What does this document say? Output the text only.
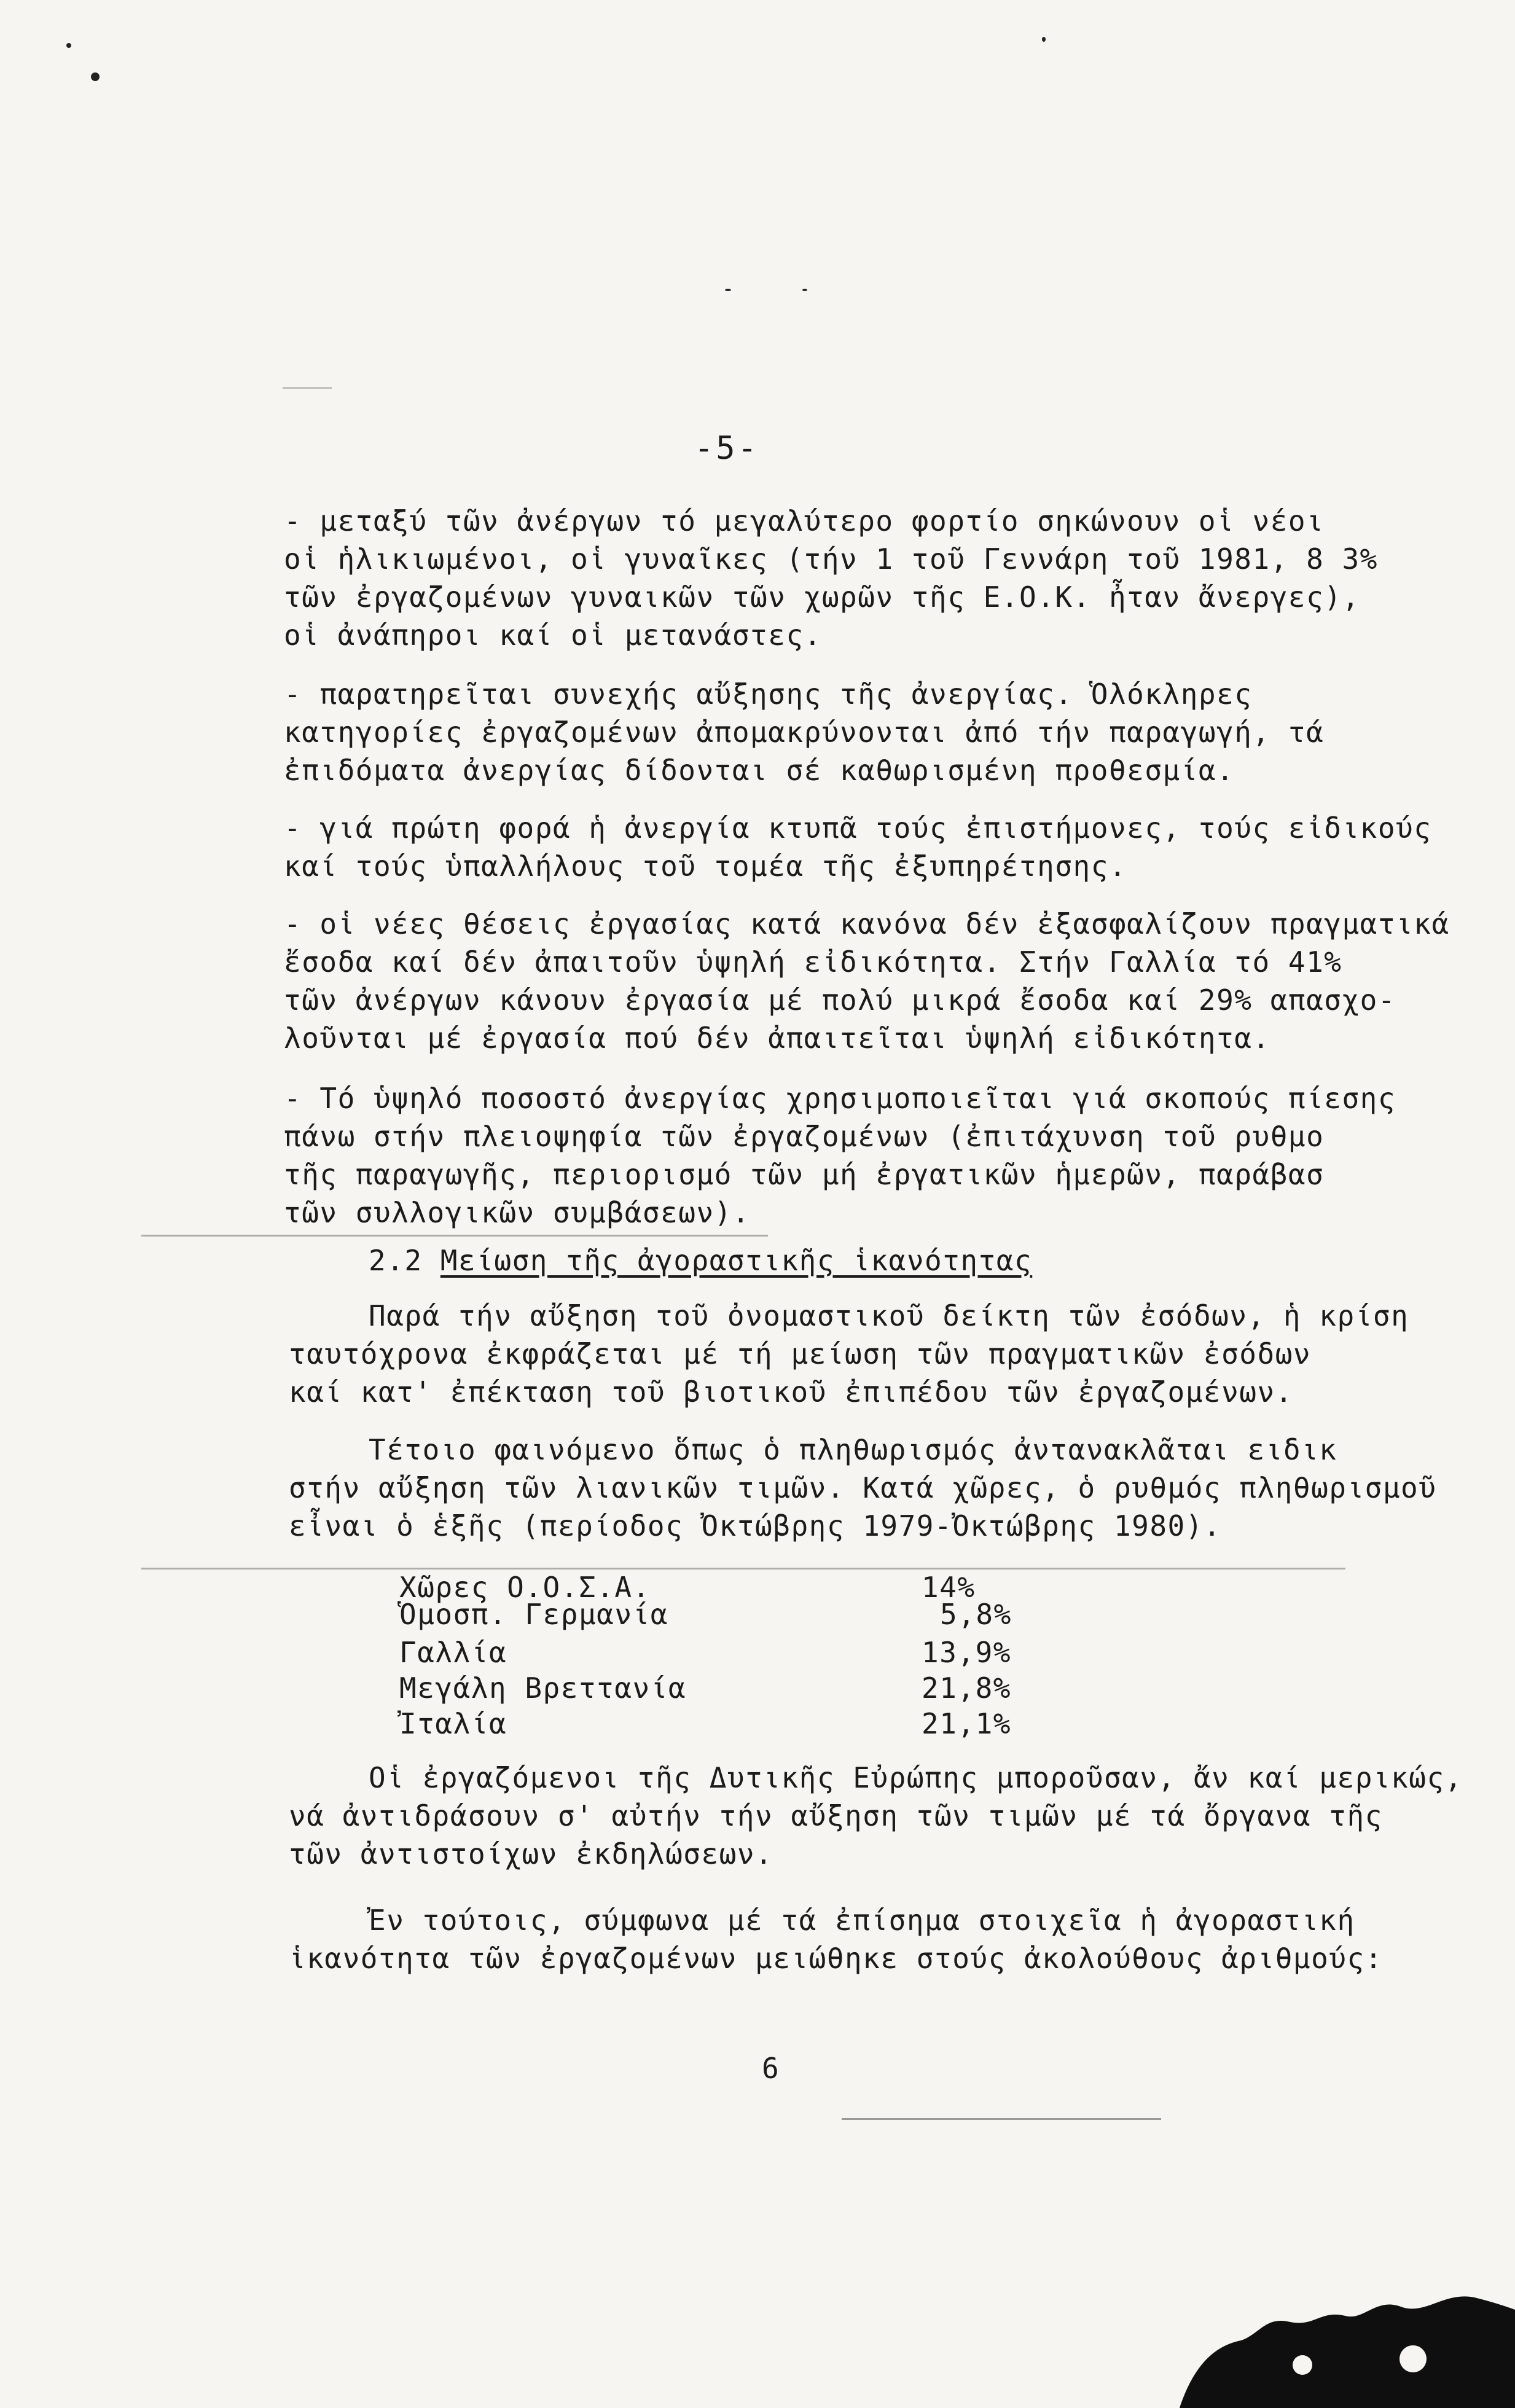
-5-
- μεταξύ τῶν ἀνέργων τό μεγαλύτερο φορτίο σηκώνουν οἱ νέοι
οἱ ἡλικιωμένοι, οἱ γυναῖκες (τήν 1 τοῦ Γεννάρη τοῦ 1981, 8 3%
τῶν ἐργαζομένων γυναικῶν τῶν χωρῶν τῆς Ε.Ο.Κ. ἦταν ἄνεργες),
οἱ ἀνάπηροι καί οἱ μετανάστες.
- παρατηρεῖται συνεχής αὔξησης τῆς ἀνεργίας. Ὁλόκληρες
κατηγορίες ἐργαζομένων ἀπομακρύνονται ἀπό τήν παραγωγή, τά
ἐπιδόματα ἀνεργίας δίδονται σέ καθωρισμένη προθεσμία.
- γιά πρώτη φορά ἡ ἀνεργία κτυπᾶ τούς ἐπιστήμονες, τούς εἰδικούς
καί τούς ὑπαλλήλους τοῦ τομέα τῆς ἐξυπηρέτησης.
- οἱ νέες θέσεις ἐργασίας κατά κανόνα δέν ἐξασφαλίζουν πραγματικά
ἔσοδα καί δέν ἀπαιτοῦν ὑψηλή εἰδικότητα. Στήν Γαλλία τό 41%
τῶν ἀνέργων κάνουν ἐργασία μέ πολύ μικρά ἔσοδα καί 29% απασχο-
λοῦνται μέ ἐργασία πού δέν ἀπαιτεῖται ὑψηλή εἰδικότητα.
- Τό ὑψηλό ποσοστό ἀνεργίας χρησιμοποιεῖται γιά σκοπούς πίεσης
πάνω στήν πλειοψηφία τῶν ἐργαζομένων (ἐπιτάχυνση τοῦ ρυθμο
τῆς παραγωγῆς, περιορισμό τῶν μή ἐργατικῶν ἡμερῶν, παράβασ
τῶν συλλογικῶν συμβάσεων).
2.2 Μείωση τῆς ἀγοραστικῆς ἱκανότητας
Παρά τήν αὔξηση τοῦ ὀνομαστικοῦ δείκτη τῶν ἐσόδων, ἡ κρίση
ταυτόχρονα ἐκφράζεται μέ τή μείωση τῶν πραγματικῶν ἐσόδων
καί κατ' ἐπέκταση τοῦ βιοτικοῦ ἐπιπέδου τῶν ἐργαζομένων.
Τέτοιο φαινόμενο ὅπως ὁ πληθωρισμός ἀντανακλᾶται ειδικ
στήν αὔξηση τῶν λιανικῶν τιμῶν. Κατά χῶρες, ὁ ρυθμός πληθωρισμοῦ
εἶναι ὁ ἑξῆς (περίοδος Ὀκτώβρης 1979-Ὀκτώβρης 1980).
Χῶρες Ο.Ο.Σ.Α.	14%
Ὁμοσπ. Γερμανία	5,8%
Γαλλία	13,9%
Μεγάλη Βρεττανία	21,8%
Ἰταλία	21,1%
Οἱ ἐργαζόμενοι τῆς Δυτικῆς Εὐρώπης μποροῦσαν, ἄν καί μερικώς,
νά ἀντιδράσουν σ' αὐτήν τήν αὔξηση τῶν τιμῶν μέ τά ὄργανα τῆς
τῶν ἀντιστοίχων ἐκδηλώσεων.
Ἐν τούτοις, σύμφωνα μέ τά ἐπίσημα στοιχεῖα ἡ ἀγοραστική
ἱκανότητα τῶν ἐργαζομένων μειώθηκε στούς ἀκολούθους ἀριθμούς:
6
